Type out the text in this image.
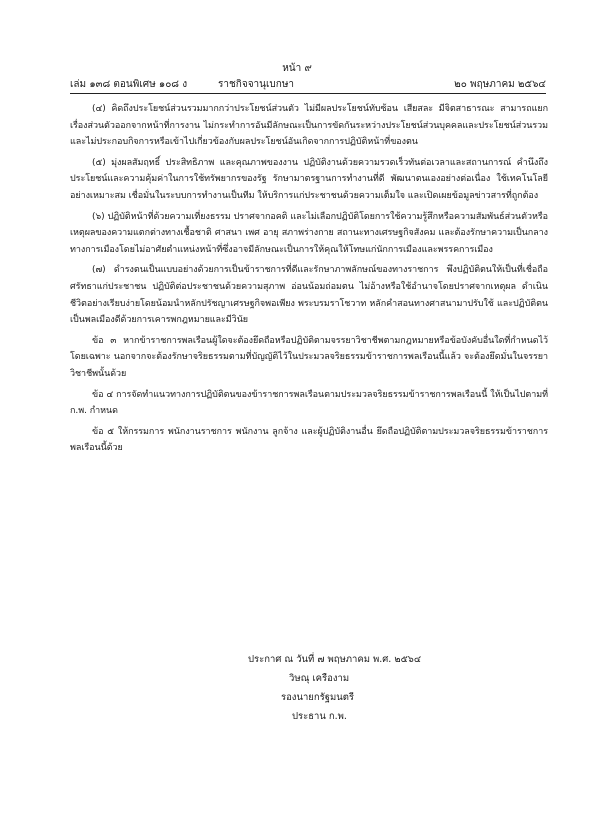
หน้า ๙
เล่ม ๑๓๘ ตอนพิเศษ ๑๐๘ ง	ราชกิจจานุเบกษา	๒๐ พฤษภาคม ๒๕๖๔

(๔) คิดถึงประโยชน์ส่วนรวมมากกว่าประโยชน์ส่วนตัว ไม่มีผลประโยชน์ทับซ้อน เสียสละ มีจิตสาธารณะ สามารถแยกเรื่องส่วนตัวออกจากหน้าที่การงาน ไม่กระทำการอันมีลักษณะเป็นการขัดกันระหว่างประโยชน์ส่วนบุคคลและประโยชน์ส่วนรวม และไม่ประกอบกิจการหรือเข้าไปเกี่ยวข้องกับผลประโยชน์อันเกิดจากการปฏิบัติหน้าที่ของตน

(๕) มุ่งผลสัมฤทธิ์ ประสิทธิภาพ และคุณภาพของงาน ปฏิบัติงานด้วยความรวดเร็วทันต่อเวลาและสถานการณ์ คำนึงถึงประโยชน์และความคุ้มค่าในการใช้ทรัพยากรของรัฐ รักษามาตรฐานการทำงานที่ดี พัฒนาตนเองอย่างต่อเนื่อง ใช้เทคโนโลยีอย่างเหมาะสม เชื่อมั่นในระบบการทำงานเป็นทีม ให้บริการแก่ประชาชนด้วยความเต็มใจ และเปิดเผยข้อมูลข่าวสารที่ถูกต้อง

(๖) ปฏิบัติหน้าที่ด้วยความเที่ยงธรรม ปราศจากอคติ และไม่เลือกปฏิบัติโดยการใช้ความรู้สึกหรือความสัมพันธ์ส่วนตัวหรือเหตุผลของความแตกต่างทางเชื้อชาติ ศาสนา เพศ อายุ สภาพร่างกาย สถานะทางเศรษฐกิจสังคม และต้องรักษาความเป็นกลางทางการเมืองโดยไม่อาศัยตำแหน่งหน้าที่ซึ่งอาจมีลักษณะเป็นการให้คุณให้โทษแก่นักการเมืองและพรรคการเมือง

(๗) ดำรงตนเป็นแบบอย่างด้วยการเป็นข้าราชการที่ดีและรักษาภาพลักษณ์ของทางราชการ พึงปฏิบัติตนให้เป็นที่เชื่อถือศรัทธาแก่ประชาชน ปฏิบัติต่อประชาชนด้วยความสุภาพ อ่อนน้อมถ่อมตน ไม่อ้างหรือใช้อำนาจโดยปราศจากเหตุผล ดำเนินชีวิตอย่างเรียบง่ายโดยน้อมนำหลักปรัชญาเศรษฐกิจพอเพียง พระบรมราโชวาท หลักคำสอนทางศาสนามาปรับใช้ และปฏิบัติตนเป็นพลเมืองดีด้วยการเคารพกฎหมายและมีวินัย

ข้อ ๓ หากข้าราชการพลเรือนผู้ใดจะต้องยึดถือหรือปฏิบัติตามจรรยาวิชาชีพตามกฎหมายหรือข้อบังคับอื่นใดที่กำหนดไว้โดยเฉพาะ นอกจากจะต้องรักษาจริยธรรมตามที่บัญญัติไว้ในประมวลจริยธรรมข้าราชการพลเรือนนี้แล้ว จะต้องยึดมั่นในจรรยาวิชาชีพนั้นด้วย

ข้อ ๔ การจัดทำแนวทางการปฏิบัติตนของข้าราชการพลเรือนตามประมวลจริยธรรมข้าราชการพลเรือนนี้ ให้เป็นไปตามที่ ก.พ. กำหนด

ข้อ ๕ ให้กรรมการ พนักงานราชการ พนักงาน ลูกจ้าง และผู้ปฏิบัติงานอื่น ยึดถือปฏิบัติตามประมวลจริยธรรมข้าราชการพลเรือนนี้ด้วย

ประกาศ ณ วันที่ ๗ พฤษภาคม พ.ศ. ๒๕๖๔
วิษณุ เครืองาม
รองนายกรัฐมนตรี
ประธาน ก.พ.
